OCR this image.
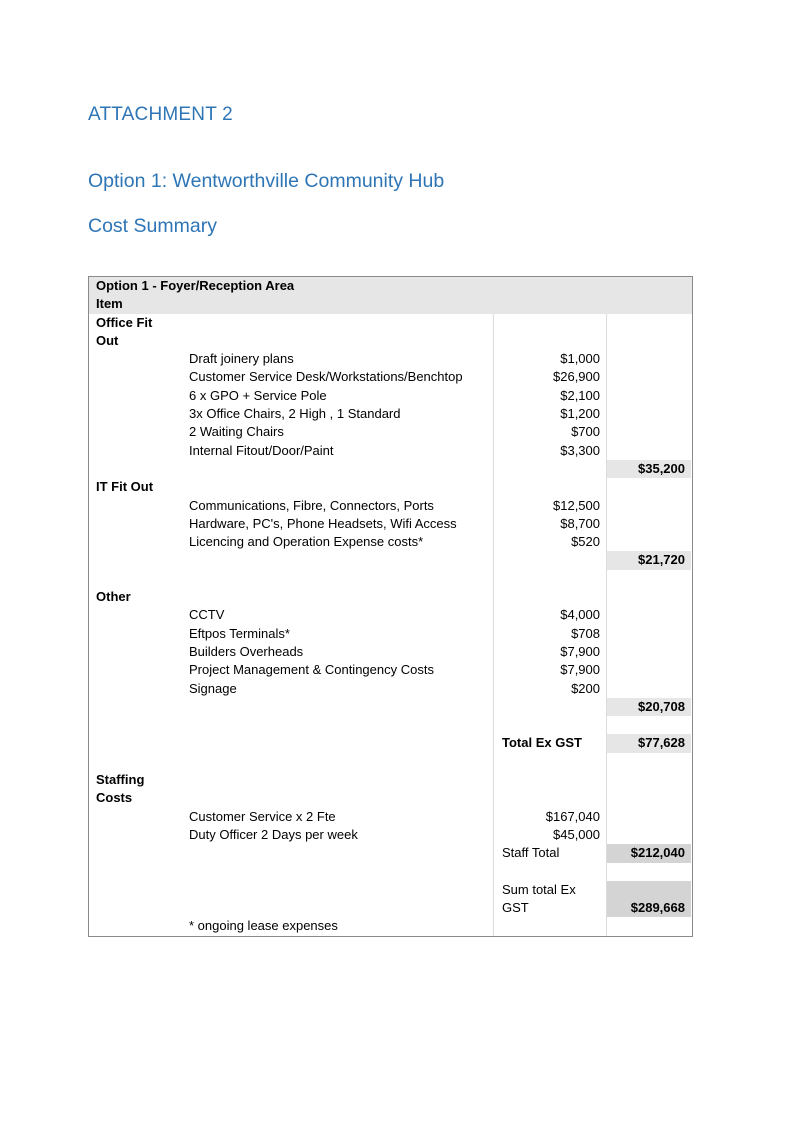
ATTACHMENT 2
Option 1: Wentworthville Community Hub
Cost Summary
Option 1 - Foyer/Reception Area
Item
Office Fit
Out
Draft joinery plans	$1,000
Customer Service Desk/Workstations/Benchtop	$26,900
6 x GPO + Service Pole	$2,100
3x Office Chairs, 2 High , 1 Standard	$1,200
2 Waiting Chairs	$700
Internal Fitout/Door/Paint	$3,300
$35,200
IT Fit Out
Communications, Fibre, Connectors, Ports	$12,500
Hardware, PC's, Phone Headsets, Wifi Access	$8,700
Licencing and Operation Expense costs*	$520
$21,720
Other
CCTV	$4,000
Eftpos Terminals*	$708
Builders Overheads	$7,900
Project Management & Contingency Costs	$7,900
Signage	$200
$20,708
Total Ex GST	$77,628
Staffing
Costs
Customer Service x 2 Fte	$167,040
Duty Officer 2 Days per week	$45,000
Staff Total	$212,040
Sum total Ex
GST	$289,668
* ongoing lease expenses
